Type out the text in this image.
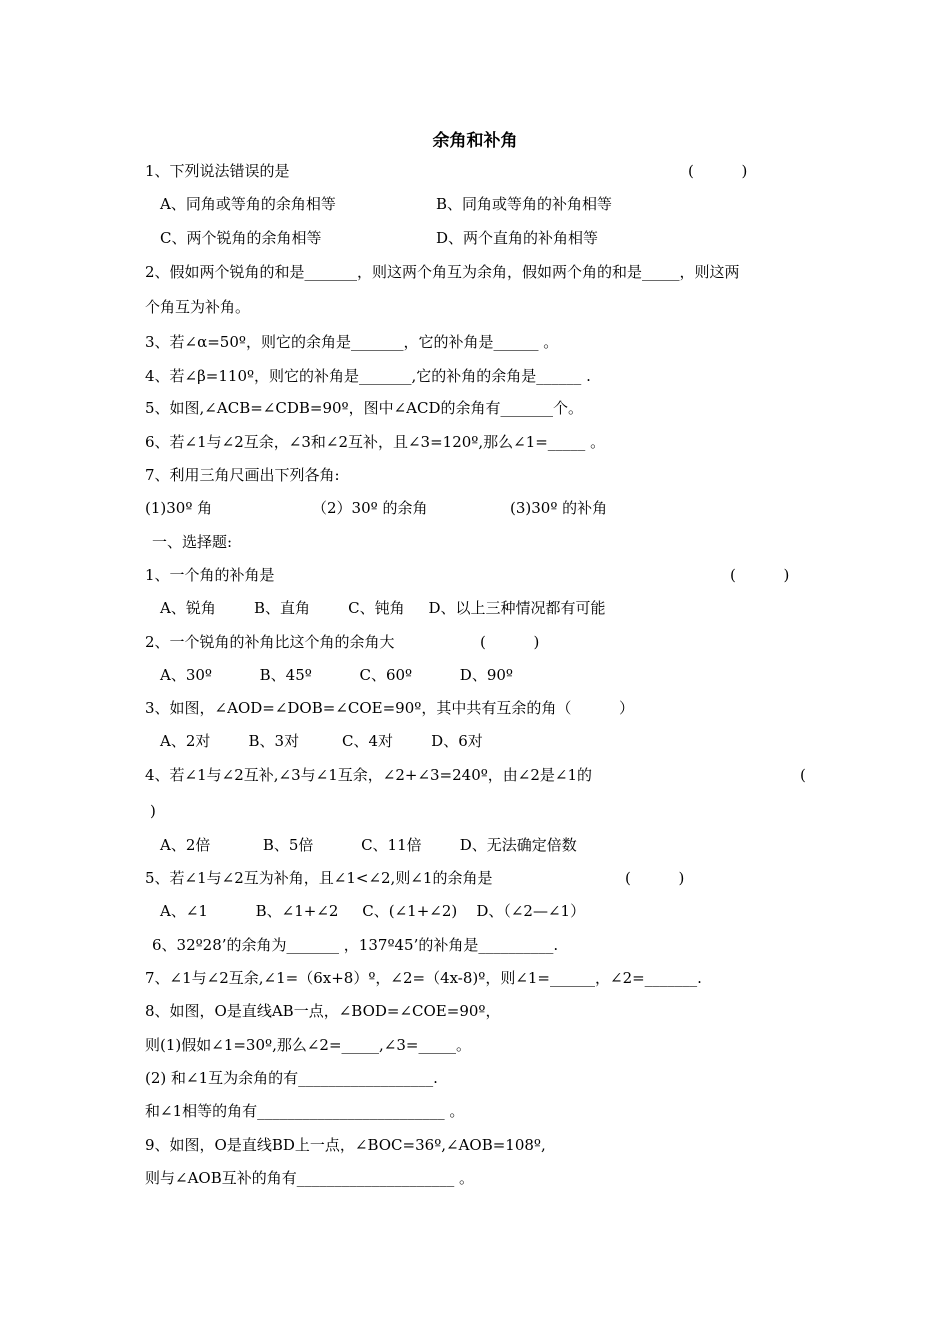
余角和补角
1、下列说法错误的是	(          )
A、同角或等角的余角相等	B、同角或等角的补角相等
C、两个锐角的余角相等	D、两个直角的补角相等
2、假如两个锐角的和是_______，则这两个角互为余角，假如两个角的和是_____，则这两
个角互为补角。
3、若∠α=50º，则它的余角是_______，它的补角是______ 。
4、若∠β=110º，则它的补角是_______,它的补角的余角是______ .
5、如图,∠ACB=∠CDB=90º，图中∠ACD的余角有_______个。
6、若∠1与∠2互余，∠3和∠2互补，且∠3=120º,那么∠1=_____ 。
7、利用三角尺画出下列各角:
(1)30º 角	（2）30º 的余角	(3)30º 的补角
一、选择题:
1、一个角的补角是	(          )
A、锐角        B、直角        C、钝角     D、以上三种情况都有可能
2、一个锐角的补角比这个角的余角大	(          )
A、30º          B、45º          C、60º          D、90º
3、如图，∠AOD=∠DOB=∠COE=90º，其中共有互余的角（          ）
A、2对        B、3对         C、4对        D、6对
4、若∠1与∠2互补,∠3与∠1互余，∠2+∠3=240º，由∠2是∠1的	(
)
A、2倍           B、5倍          C、11倍        D、无法确定倍数
5、若∠1与∠2互为补角，且∠1<∠2,则∠1的余角是	(          )
A、∠1          B、∠1+∠2     C、(∠1+∠2)    D、（∠2—∠1）
6、32º28’的余角为_______ ，137º45’的补角是__________.
7、∠1与∠2互余,∠1=（6x+8）º，∠2=（4x-8)º，则∠1=______，∠2=_______.
8、如图，O是直线AB一点，∠BOD=∠COE=90º，
则(1)假如∠1=30º,那么∠2=_____,∠3=_____。
(2) 和∠1互为余角的有__________________.
和∠1相等的角有_________________________ 。
9、如图，O是直线BD上一点，∠BOC=36º,∠AOB=108º,
则与∠AOB互补的角有_____________________ 。
